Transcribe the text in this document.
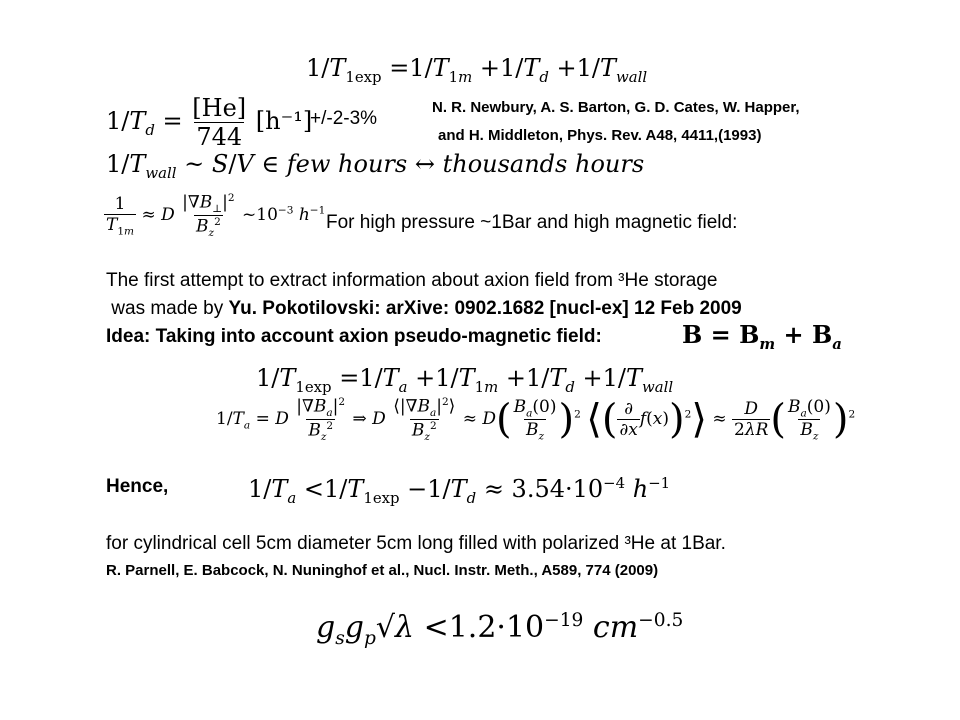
$1/T_{1exp} =1/T_{1m} +1/T_d +1/T_{wall}$
$1/T_d = \frac{[He]}{744} [h^{-1}]$
+/-2-3%
N. R. Newbury, A. S. Barton, G. D. Cates, W. Happer,
and H. Middleton, Phys. Rev. A48, 4411,(1993)
$1/T_{wall}$ ~ S/V ∈ few hours ↔ thousands hours
$\frac{1}{T_{1m}} \approx D \frac{|\nabla B_\perp|^2}{B_z^2}$ $\sim 10^{-3}$ $h^{-1}$
For high pressure ~1Bar and high magnetic field:
The first attempt to extract information about axion field from ³He storage
was made by Yu. Pokotilovski: arXive: 0902.1682 [nucl-ex] 12 Feb 2009
Idea: Taking into account axion pseudo-magnetic field:	$B = B_m + B_a$
$1/T_{1exp} =1/T_a +1/T_{1m} +1/T_d +1/T_{wall}$
$1/T_a = D \frac{|\nabla B_a|^2}{B_z^2}$ ⇒ D $\frac{⟨|\nabla B_a|^2⟩}{B_z^2} \approx D( \frac{B_a(0)}{B_z} )^2$ ⟨( $\frac{\partial}{\partial x}$ f(x))$^2$⟩ ≈ $\frac{D}{2\lambda R}$ ( $\frac{B_a(0)}{B_z} )^2$
Hence,	$1/T_a <1/T_{1exp} -1/T_d \approx 3.54\cdot 10^{-4}$ $h^{-1}$
for cylindrical cell 5cm diameter 5cm long filled with polarized ³He at 1Bar.
R. Parnell, E. Babcock, N. Nuninghof et al., Nucl. Instr. Meth., A589, 774 (2009)
$g_sg_p√\lambda <1.2\cdot 10^{-19}$ $cm^{-0.5}$
